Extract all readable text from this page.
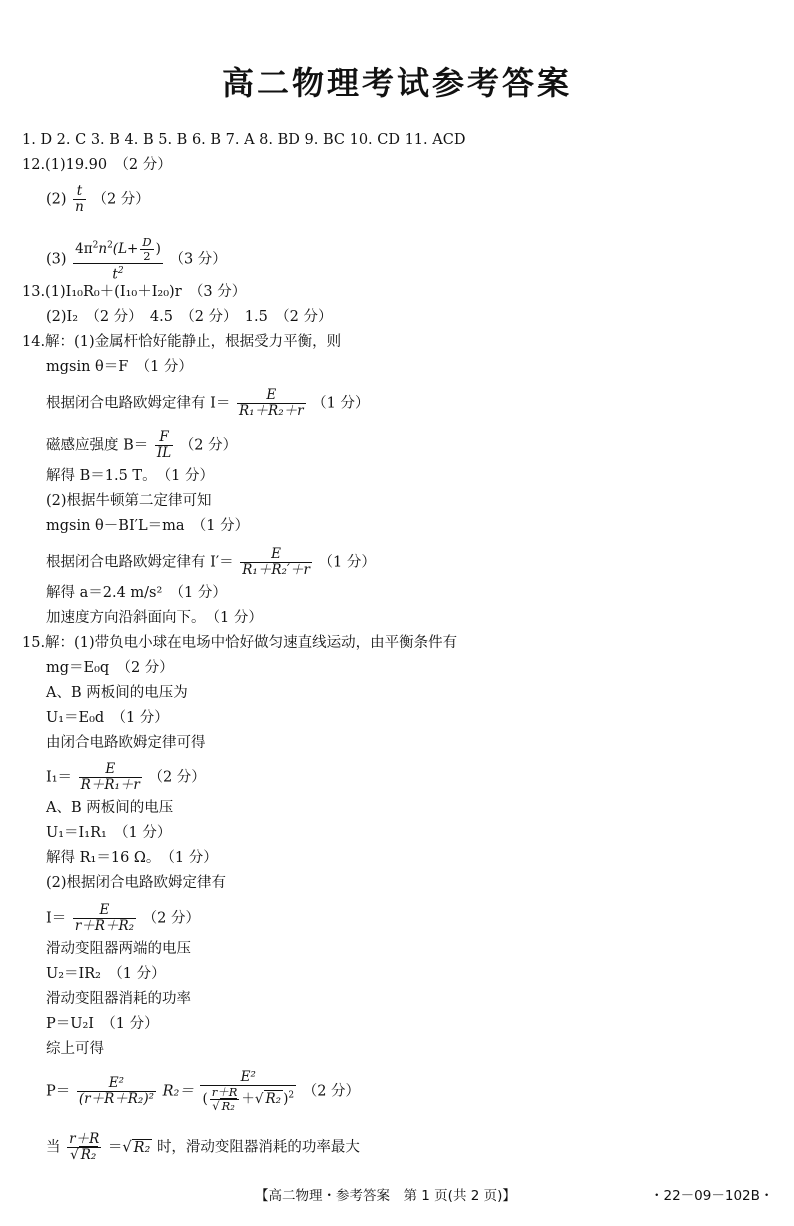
高二物理考试参考答案
1. D 2. C 3. B 4. B 5. B 6. B 7. A 8. BD 9. BC 10. CD 11. ACD
12.(1)19.90　（2 分）
$(2) \frac{t}{n} (2$ 分）
$(3) \frac{4\pi^2n^2(L+ \frac{D}{2} )}{t^2} (3$ 分）
13.(1)I₁₀R₀＋(I₁₀＋I₂₀)r　（3 分）
(2)I₂　（2 分）　4.5　（2 分）　1.5　（2 分）
14.解：(1)金属杆恰好能静止，根据受力平衡，则
mgsin θ＝F　（1 分）
根据闭合电路欧姆定律有 $I= \frac{E}{\text{R₁＋R₂＋r}} (1$ 分）
磁感应强度 $B= \frac{F}{IL} (2$ 分）
解得 B＝1.5 T。　（1 分）
(2)根据牛顿第二定律可知
mgsin θ－BI′L＝ma　（1 分）
根据闭合电路欧姆定律有 $I'= \frac{E}{\text{R₁＋R₂′＋r}} (1$ 分）
解得 a＝2.4 m/s²　（1 分）
加速度方向沿斜面向下。　（1 分）
15.解：(1)带负电小球在电场中恰好做匀速直线运动，由平衡条件有
mg＝E₀q　（2 分）
A、B 两板间的电压为
U₁＝E₀d　（1 分）
由闭合电路欧姆定律可得
$I_1= \frac{E}{\text{R＋R₁＋r}} (2$ 分）
A、B 两板间的电压
U₁＝I₁R₁　（1 分）
解得 R₁＝16 Ω。　（1 分）
(2)根据闭合电路欧姆定律有
$I= \frac{E}{\text{r＋R＋R₂}} (2$ 分）
滑动变阻器两端的电压
U₂＝IR₂　（1 分）
滑动变阻器消耗的功率
P＝U₂I　（1 分）
综上可得
$P= \frac{\text{E²}}{\text{(r＋R＋R₂)²}} R_2= \frac{\text{E²}}{( \frac{r+R}{\text{√ R₂}} +√ R_2 )^2} (2$ 分）
当 $\frac{r+R}{\text{√ R₂}}$ ＝√ R₂ 时，滑动变阻器消耗的功率最大
【高二物理・参考答案　第 1 页(共 2 页)】	・22－09－102B・
